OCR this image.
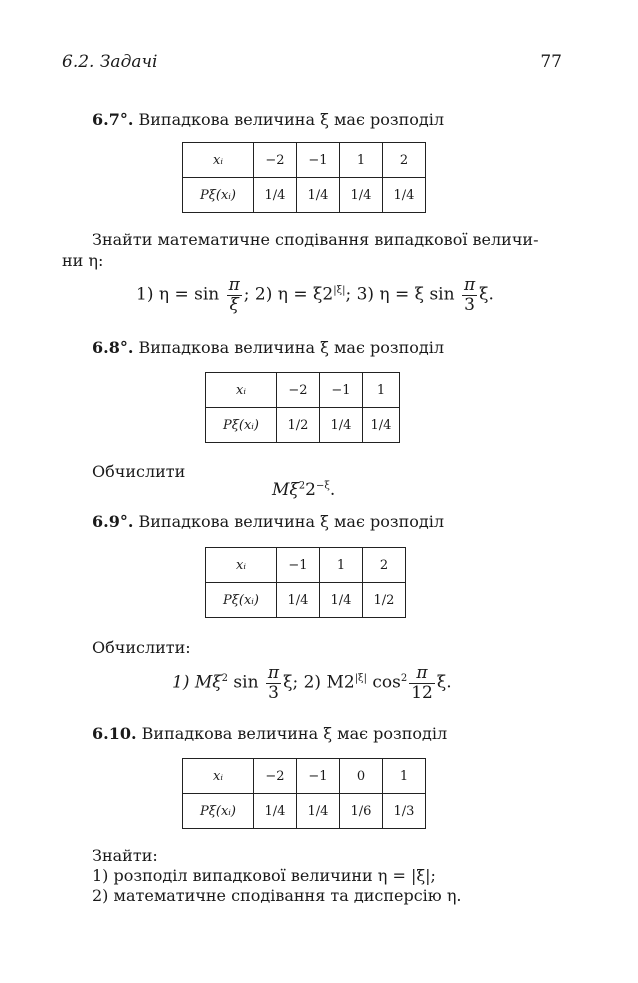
6.2. Задачі	77
6.7°. Випадкова величина ξ має розподіл
xᵢ	−2	−1	1	2
Pξ(xᵢ)	1/4	1/4	1/4	1/4
Знайти математичне сподівання випадкової величи-
ни η:
1) $\eta = \sin \frac{\pi}{\xi}$ ; 2) $\eta = \xi 2^{|\xi|}$; 3) η = ξ $\sin \frac{\pi}{3} \xi$.
6.8°. Випадкова величина ξ має розподіл
xᵢ	−2	−1	1
Pξ(xᵢ)	1/2	1/4	1/4
Обчислити
$M\xi^22^{-\xi}$.
6.9°. Випадкова величина ξ має розподіл
xᵢ	−1	1	2
Pξ(xᵢ)	1/4	1/4	1/2
Обчислити:
1) $M\xi^2$ $\sin \frac{\pi}{3} \xi$; 2) $M2^{|\xi|}$ $\cos^2 \frac{\pi}{12} \xi$.
6.10. Випадкова величина ξ має розподіл
xᵢ	−2	−1	0	1
Pξ(xᵢ)	1/4	1/4	1/6	1/3
Знайти:
1) розподіл випадкової величини η = |ξ|;
2) математичне сподівання та дисперсію η.
